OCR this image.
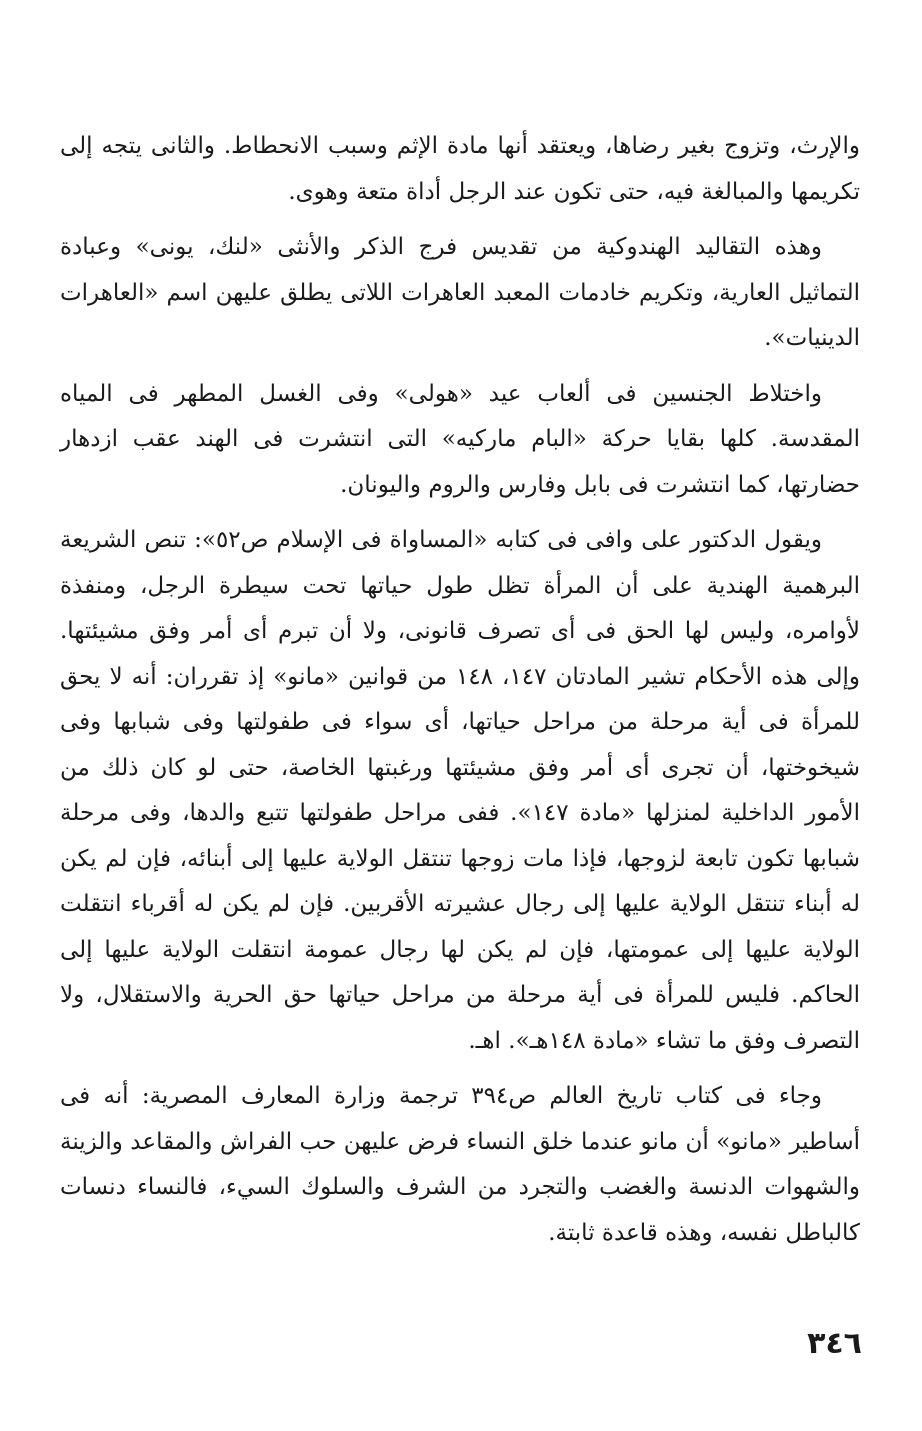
والإرث، وتزوج بغير رضاها، ويعتقد أنها مادة الإثم وسبب الانحطاط. والثانى يتجه إلى تكريمها والمبالغة فيه، حتى تكون عند الرجل أداة متعة وهوى.

وهذه التقاليد الهندوكية من تقديس فرج الذكر والأنثى «لنك، يونى» وعبادة التماثيل العارية، وتكريم خادمات المعبد العاهرات اللاتى يطلق عليهن اسم «العاهرات الدينيات».

واختلاط الجنسين فى ألعاب عيد «هولى» وفى الغسل المطهر فى المياه المقدسة. كلها بقايا حركة «البام ماركيه» التى انتشرت فى الهند عقب ازدهار حضارتها، كما انتشرت فى بابل وفارس والروم واليونان.

ويقول الدكتور على وافى فى كتابه «المساواة فى الإسلام ص٥٢»: تنص الشريعة البرهمية الهندية على أن المرأة تظل طول حياتها تحت سيطرة الرجل، ومنفذة لأوامره، وليس لها الحق فى أى تصرف قانونى، ولا أن تبرم أى أمر وفق مشيئتها. وإلى هذه الأحكام تشير المادتان ١٤٧، ١٤٨ من قوانين «مانو» إذ تقرران: أنه لا يحق للمرأة فى أية مرحلة من مراحل حياتها، أى سواء فى طفولتها وفى شبابها وفى شيخوختها، أن تجرى أى أمر وفق مشيئتها ورغبتها الخاصة، حتى لو كان ذلك من الأمور الداخلية لمنزلها «مادة ١٤٧». ففى مراحل طفولتها تتبع والدها، وفى مرحلة شبابها تكون تابعة لزوجها، فإذا مات زوجها تنتقل الولاية عليها إلى أبنائه، فإن لم يكن له أبناء تنتقل الولاية عليها إلى رجال عشيرته الأقربين. فإن لم يكن له أقرباء انتقلت الولاية عليها إلى عمومتها، فإن لم يكن لها رجال عمومة انتقلت الولاية عليها إلى الحاكم. فليس للمرأة فى أية مرحلة من مراحل حياتها حق الحرية والاستقلال، ولا التصرف وفق ما تشاء «مادة ١٤٨هـ». اهـ.

وجاء فى كتاب تاريخ العالم ص٣٩٤ ترجمة وزارة المعارف المصرية: أنه فى أساطير «مانو» أن مانو عندما خلق النساء فرض عليهن حب الفراش والمقاعد والزينة والشهوات الدنسة والغضب والتجرد من الشرف والسلوك السيء، فالنساء دنسات كالباطل نفسه، وهذه قاعدة ثابتة.

٣٤٦
